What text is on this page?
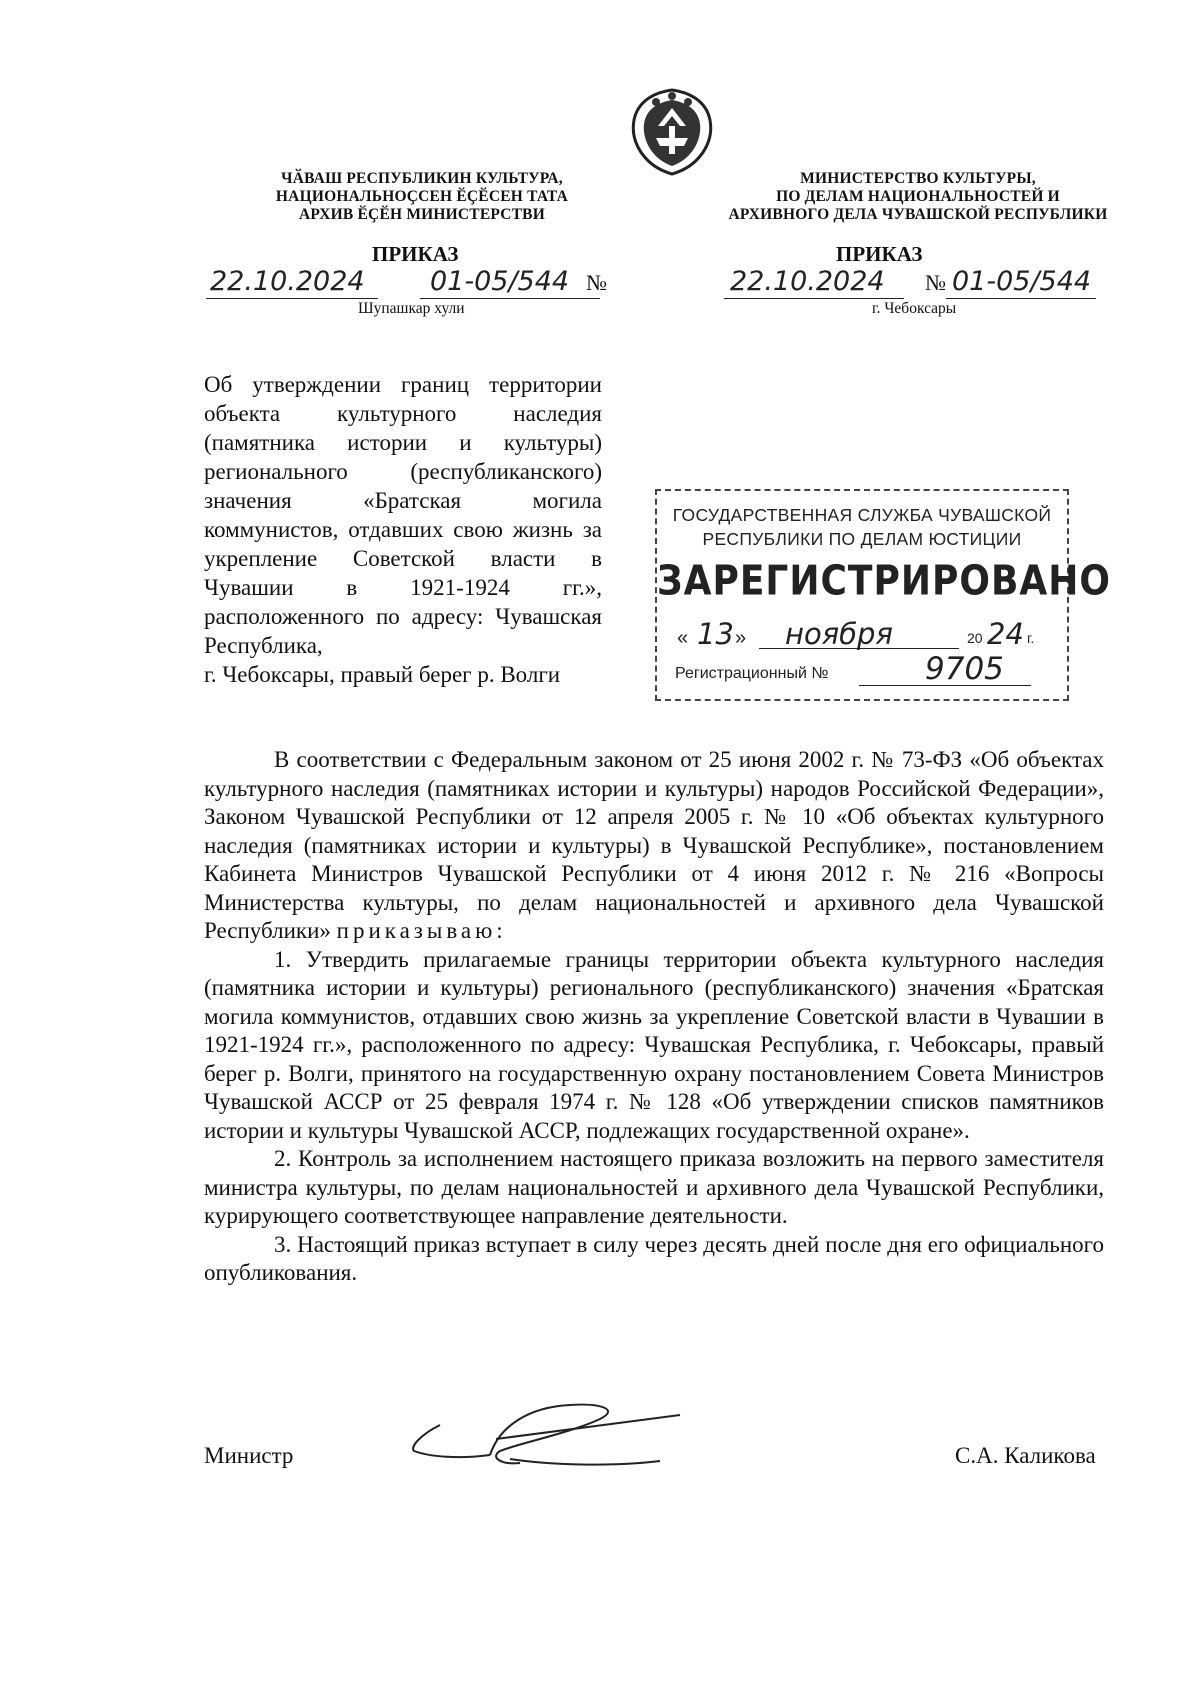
ЧӐВАШ РЕСПУБЛИКИН КУЛЬТУРА,
НАЦИОНАЛЬНОҪСЕН ӖҪӖСЕН ТАТА
АРХИВ ӖҪӖН МИНИСТЕРСТВИ
ПРИКАЗ
22.10.2024 01-05/544 №
Шупашкар хули
МИНИСТЕРСТВО КУЛЬТУРЫ,
ПО ДЕЛАМ НАЦИОНАЛЬНОСТЕЙ И
АРХИВНОГО ДЕЛА ЧУВАШСКОЙ РЕСПУБЛИКИ
ПРИКАЗ
22.10.2024 № 01-05/544
г. Чебоксары
Об утверждении границ территории объекта культурного наследия (памятника истории и культуры) регионального (республиканского) значения «Братская могила коммунистов, отдавших свою жизнь за укрепление Советской власти в Чувашии в 1921-1924 гг.», расположенного по адресу: Чувашская Республика,
г. Чебоксары, правый берег р. Волги
ГОСУДАРСТВЕННАЯ СЛУЖБА ЧУВАШСКОЙ
РЕСПУБЛИКИ ПО ДЕЛАМ ЮСТИЦИИ
ЗАРЕГИСТРИРОВАНО
« 13 » ноября	20 24 г.
Регистрационный №	9705

В соответствии с Федеральным законом от 25 июня 2002 г. № 73-ФЗ «Об объектах культурного наследия (памятниках истории и культуры) народов Российской Федерации», Законом Чувашской Республики от 12 апреля 2005 г. № 10 «Об объектах культурного наследия (памятниках истории и культуры) в Чувашской Республике», постановлением Кабинета Министров Чувашской Республики от 4 июня 2012 г. № 216 «Вопросы Министерства культуры, по делам национальностей и архивного дела Чувашской Республики» приказываю:

1. Утвердить прилагаемые границы территории объекта культурного наследия (памятника истории и культуры) регионального (республиканского) значения «Братская могила коммунистов, отдавших свою жизнь за укрепление Советской власти в Чувашии в 1921-1924 гг.», расположенного по адресу: Чувашская Республика, г. Чебоксары, правый берег р. Волги, принятого на государственную охрану постановлением Совета Министров Чувашской АССР от 25 февраля 1974 г. № 128 «Об утверждении списков памятников истории и культуры Чувашской АССР, подлежащих государственной охране».

2. Контроль за исполнением настоящего приказа возложить на первого заместителя министра культуры, по делам национальностей и архивного дела Чувашской Республики, курирующего соответствующее направление деятельности.

3. Настоящий приказ вступает в силу через десять дней после дня его официального опубликования.

Министр	С.А. Каликова
